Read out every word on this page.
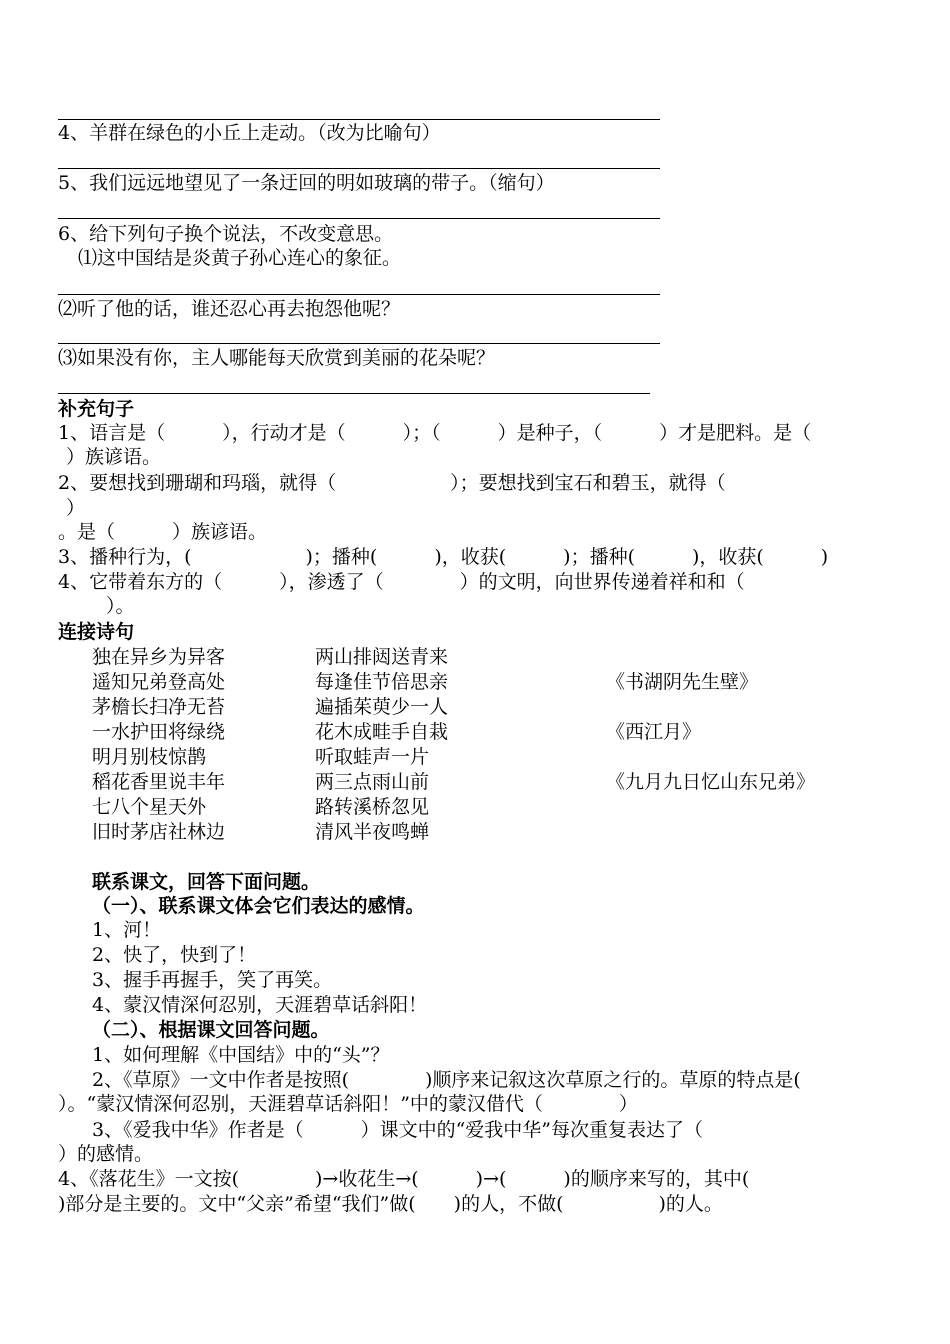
4、羊群在绿色的小丘上走动。（改为比喻句）
5、我们远远地望见了一条迂回的明如玻璃的带子。（缩句）
6、给下列句子换个说法，不改变意思。
⑴这中国结是炎黄子孙心连心的象征。
⑵听了他的话，谁还忍心再去抱怨他呢？
⑶如果没有你，主人哪能每天欣赏到美丽的花朵呢？
补充句子
1、语言是（　　　），行动才是（　　　）；（　　　）是种子，（　　　）才是肥料。是（
）族谚语。
2、要想找到珊瑚和玛瑙，就得（　　　　　　）；要想找到宝石和碧玉，就得（
）
。是（　　　）族谚语。
3、播种行为，(　　　　　　)；播种(　　　)，收获(　　　)；播种(　　　)，收获(　　　)
4、它带着东方的（　　　），渗透了（　　　　）的文明，向世界传递着祥和和（
）。
连接诗句
独在异乡为异客
遥知兄弟登高处
茅檐长扫净无苔
一水护田将绿绕
明月别枝惊鹊
稻花香里说丰年
七八个星天外
旧时茅店社林边
两山排闼送青来
每逢佳节倍思亲
遍插茱萸少一人
花木成畦手自栽
听取蛙声一片
两三点雨山前
路转溪桥忽见
清风半夜鸣蝉
《书湖阴先生壁》
《西江月》
《九月九日忆山东兄弟》
联系课文，回答下面问题。
（一）、联系课文体会它们表达的感情。
1、河！
2、快了，快到了！
3、握手再握手，笑了再笑。
4、蒙汉情深何忍别，天涯碧草话斜阳！
（二）、根据课文回答问题。
1、如何理解《中国结》中的“头”？
2、《草原》一文中作者是按照(　　　　)顺序来记叙这次草原之行的。草原的特点是(
）。“蒙汉情深何忍别，天涯碧草话斜阳！”中的蒙汉借代（　　　　）
3、《爱我中华》作者是（　　　）课文中的“爱我中华”每次重复表达了（
）的感情。
4、《落花生》一文按(　　　　)→收花生→(　　　)→(　　　)的顺序来写的，其中(
)部分是主要的。文中“父亲”希望“我们”做(　　)的人，不做(　　　　　)的人。
